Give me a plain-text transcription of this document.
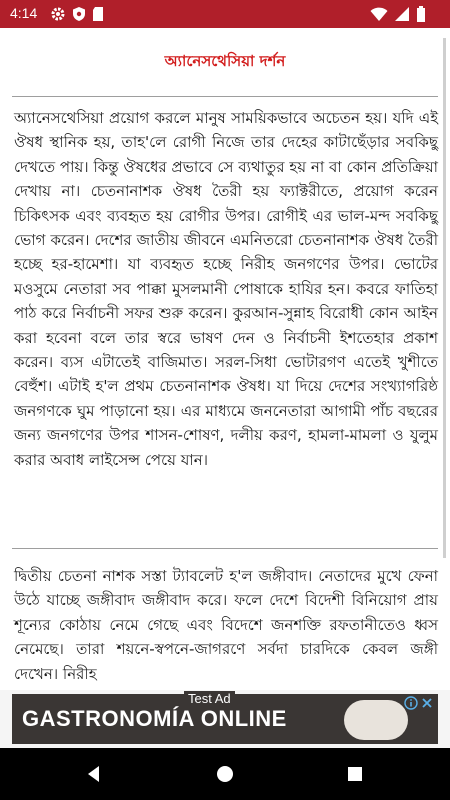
4:14
অ্যানেসথেসিয়া দর্শন
অ্যানেসথেসিয়া প্রয়োগ করলে মানুষ সাময়িকভাবে অচেতন হয়। যদি এই ঔষধ স্থানিক হয়, তাহ'লে রোগী নিজে তার দেহের কাটাছেঁড়ার সবকিছু দেখতে পায়। কিন্তু ঔষধের প্রভাবে সে ব্যথাতুর হয় না বা কোন প্রতিক্রিয়া দেখায় না। চেতনানাশক ঔষধ তৈরী হয় ফ্যাক্টরীতে, প্রয়োগ করেন চিকিৎসক এবং ব্যবহৃত হয় রোগীর উপর। রোগীই এর ভাল-মন্দ সবকিছু ভোগ করেন। দেশের জাতীয় জীবনে এমনিতরো চেতনানাশক ঔষধ তৈরী হচ্ছে হর-হামেশা। যা ব্যবহৃত হচ্ছে নিরীহ জনগণের উপর। ভোটের মওসুমে নেতারা সব পাক্কা মুসলমানী পোষাকে হাযির হন। কবরে ফাতিহা পাঠ করে নির্বাচনী সফর শুরু করেন। কুরআন-সুন্নাহ বিরোধী কোন আইন করা হবেনা বলে তার স্বরে ভাষণ দেন ও নির্বাচনী ইশতেহার প্রকাশ করেন। ব্যস এটাতেই বাজিমাত। সরল-সিধা ভোটারগণ এতেই খুশীতে বেহুঁশ। এটাই হ'ল প্রথম চেতনানাশক ঔষধ। যা দিয়ে দেশের সংখ্যাগরিষ্ঠ জনগণকে ঘুম পাড়ানো হয়। এর মাধ্যমে জননেতারা আগামী পাঁচ বছরের জন্য জনগণের উপর শাসন-শোষণ, দলীয় করণ, হামলা-মামলা ও যুলুম করার অবাধ লাইসেন্স পেয়ে যান।
দ্বিতীয় চেতনা নাশক সস্তা ট্যাবলেট হ'ল জঙ্গীবাদ। নেতাদের মুখে ফেনা উঠে যাচ্ছে জঙ্গীবাদ জঙ্গীবাদ করে। ফলে দেশে বিদেশী বিনিয়োগ প্রায় শূন্যের কোঠায় নেমে গেছে এবং বিদেশে জনশক্তি রফতানীতেও ধ্বস নেমেছে। তারা শয়নে-স্বপনে-জাগরণে সর্বদা চারদিকে কেবল জঙ্গী দেখেন। নিরীহ
GASTRONOMÍA ONLINE
Test Ad
